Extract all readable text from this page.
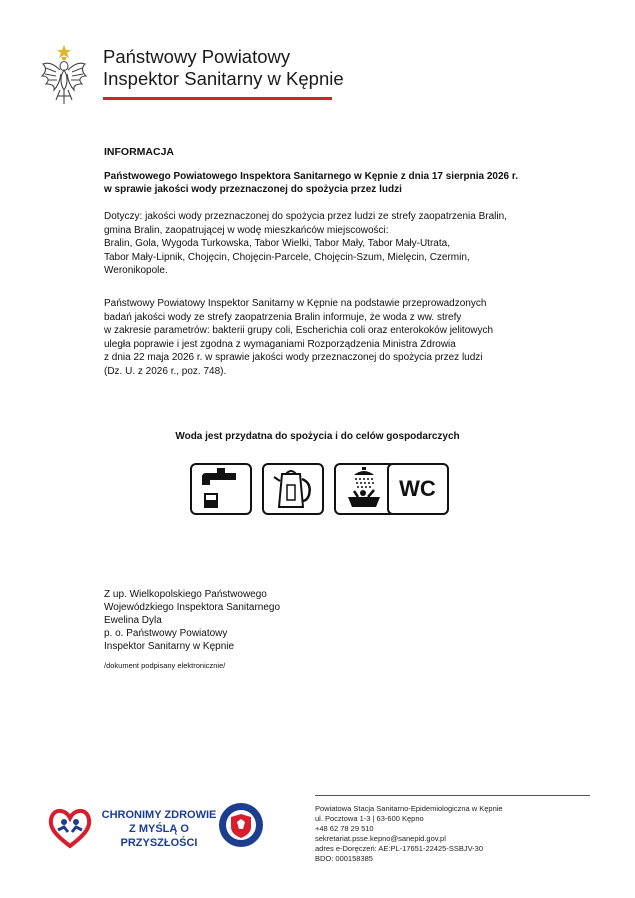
Państwowy Powiatowy
Inspektor Sanitarny w Kępnie
INFORMACJA
Państwowego Powiatowego Inspektora Sanitarnego w Kępnie z dnia 17 sierpnia 2026 r.
w sprawie jakości wody przeznaczonej do spożycia przez ludzi
Dotyczy: jakości wody przeznaczonej do spożycia przez ludzi ze strefy zaopatrzenia Bralin,
gmina Bralin, zaopatrującej w wodę mieszkańców miejscowości:
Bralin, Gola, Wygoda Turkowska, Tabor Wielki, Tabor Mały, Tabor Mały-Utrata,
Tabor Mały-Lipnik, Chojęcin, Chojęcin-Parcele, Chojęcin-Szum, Mielęcin, Czermin,
Weronikopole.
Państwowy Powiatowy Inspektor Sanitarny w Kępnie na podstawie przeprowadzonych
badań jakości wody ze strefy zaopatrzenia Bralin informuje, że woda z ww. strefy
w zakresie parametrów: bakterii grupy coli, Escherichia coli oraz enterokoków jelitowych
uległa poprawie i jest zgodna z wymaganiami Rozporządzenia Ministra Zdrowia
z dnia 22 maja 2026 r. w sprawie jakości wody przeznaczonej do spożycia przez ludzi
(Dz. U. z 2026 r., poz. 748).
Woda jest przydatna do spożycia i do celów gospodarczych
WC
Z up. Wielkopolskiego Państwowego
Wojewódzkiego Inspektora Sanitarnego
Ewelina Dyla
p. o. Państwowy Powiatowy
Inspektor Sanitarny w Kępnie
/dokument podpisany elektronicznie/
CHRONIMY ZDROWIE
Z MYŚLĄ O PRZYSZŁOŚCI
Powiatowa Stacja Sanitarno-Epidemiologiczna w Kępnie
ul. Pocztowa 1-3 | 63-600 Kępno
+48 62 78 29 510
sekretariat.psse.kepno@sanepid.gov.pl
adres e-Doręczeń: AE:PL-17651-22425-SSBJV-30
BDO: 000158385
